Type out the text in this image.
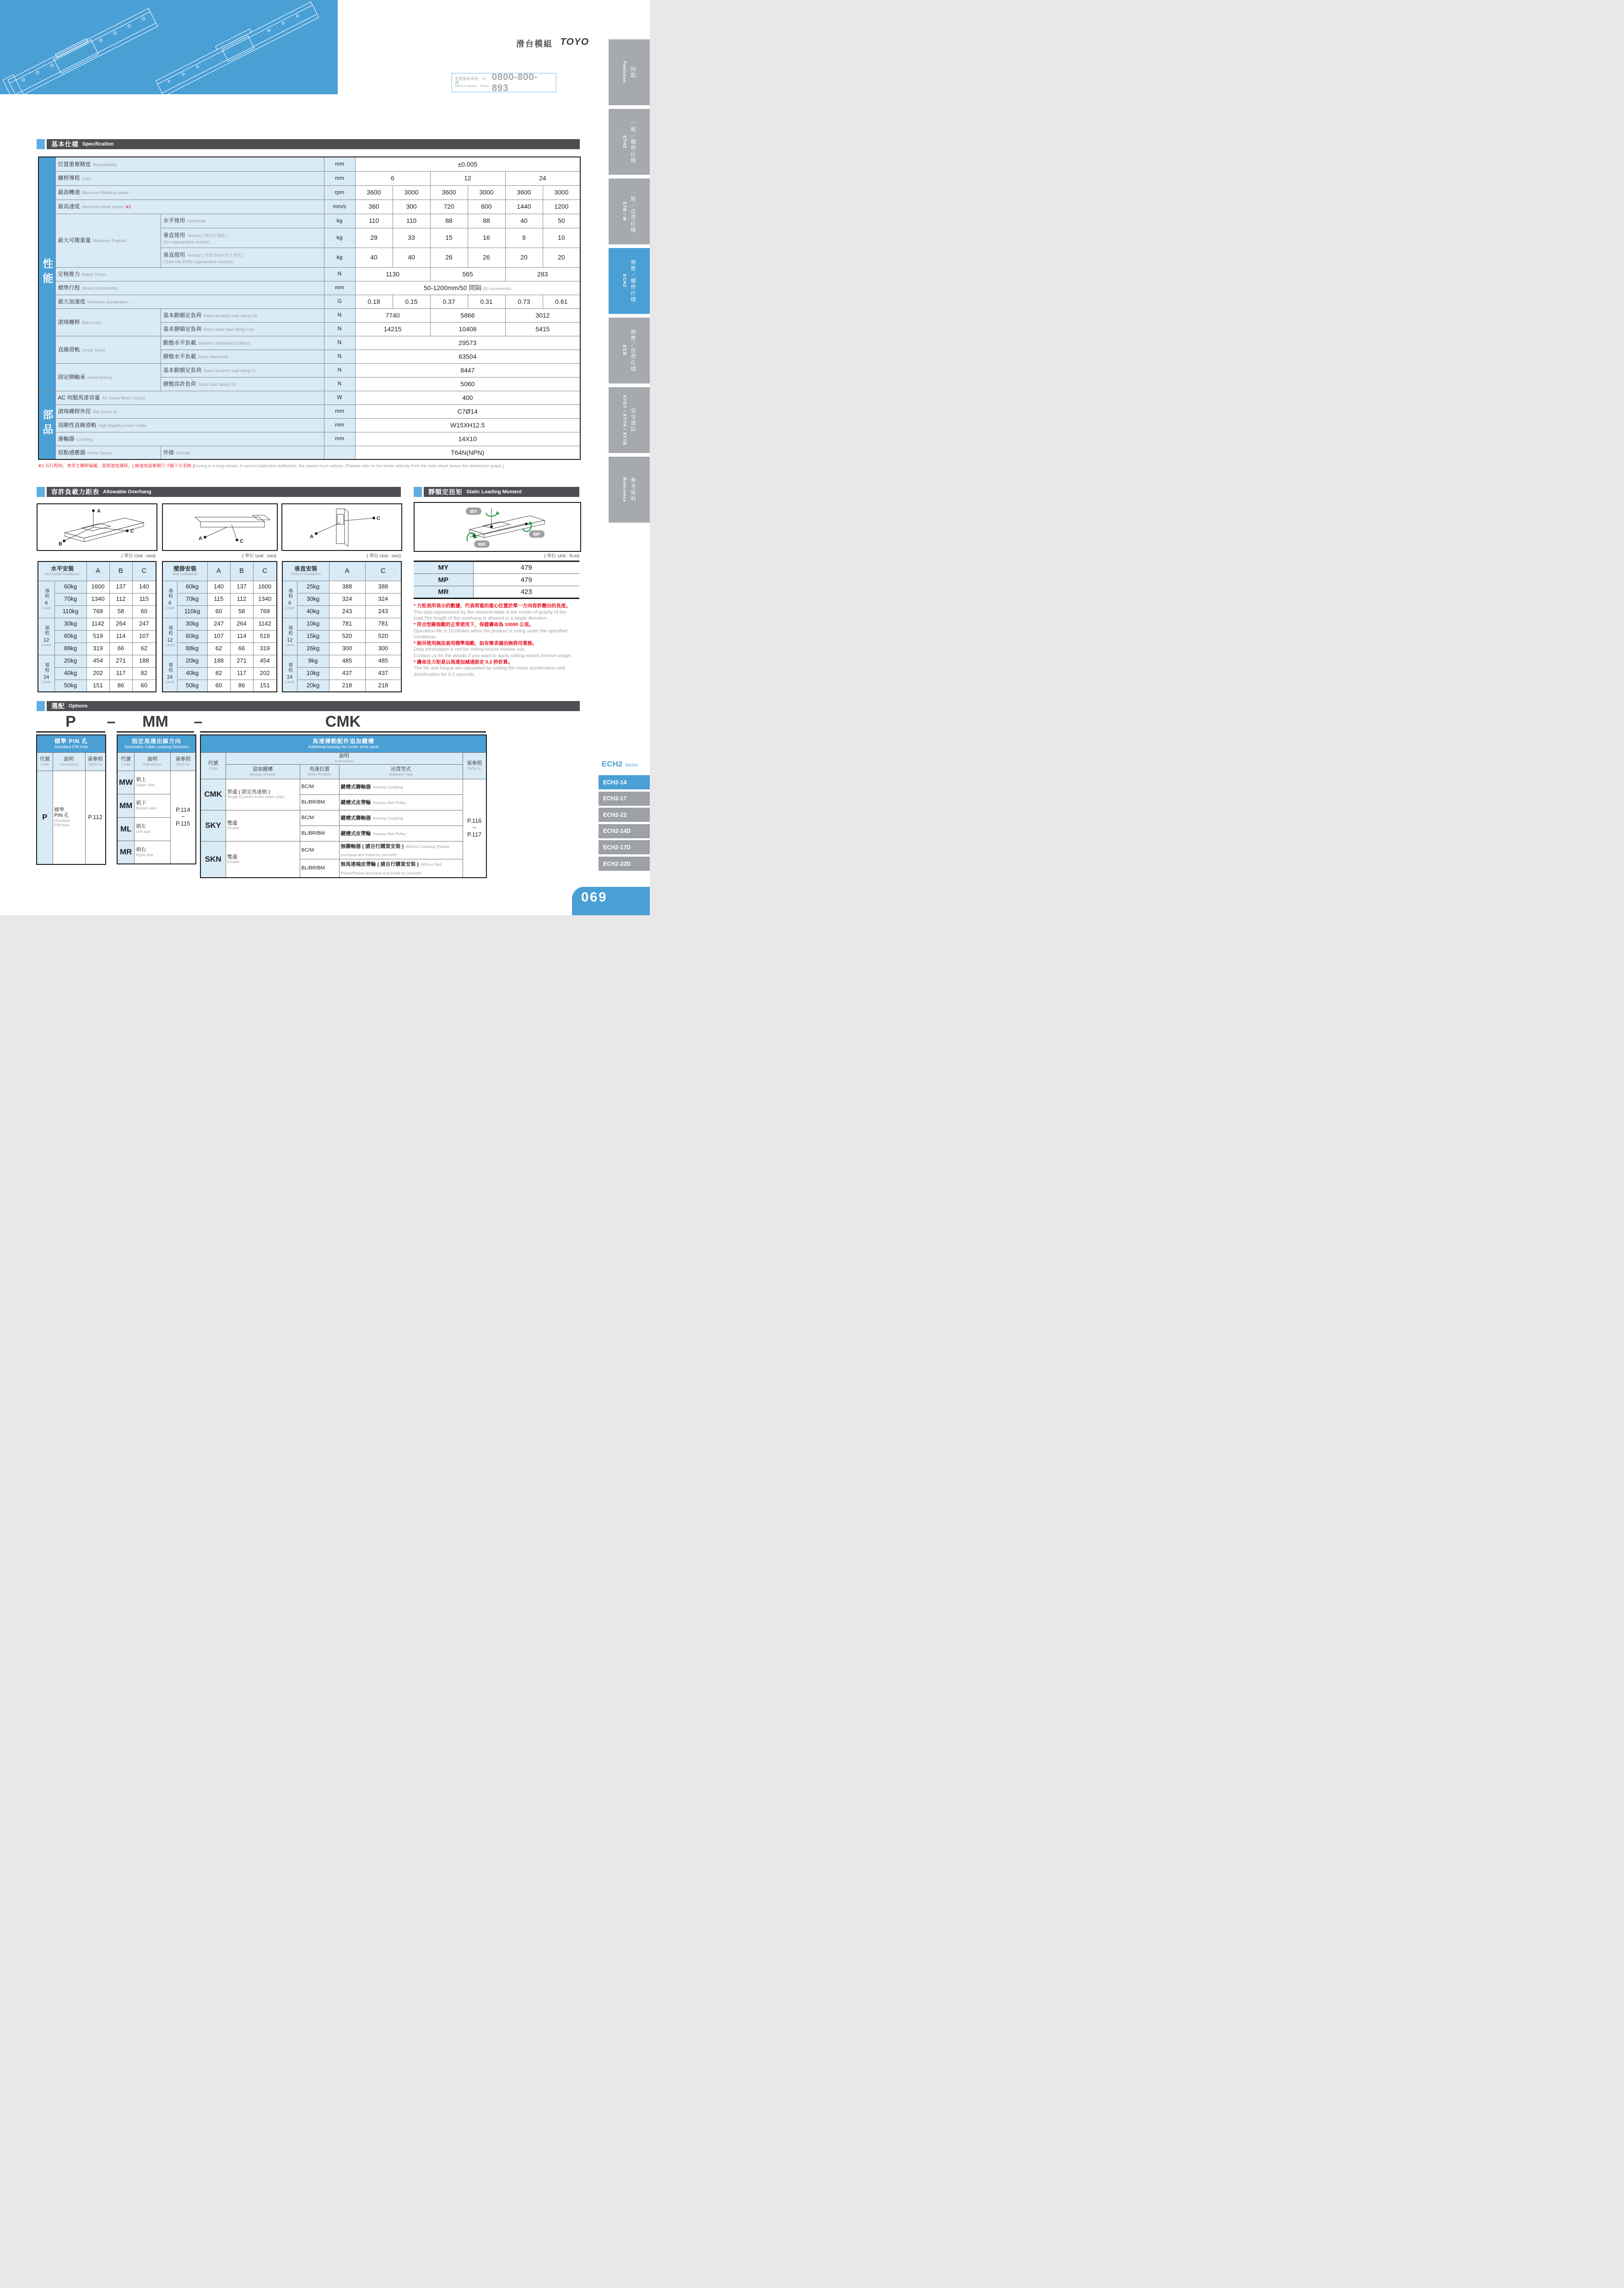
滑台模組 TOYO
免費服務專線：台灣
Toll-Free Number Taiwan
0800-800-893
特點
Features
一般／螺桿仕樣
ETH2
一般／皮帶仕樣
ETB / M
無塵／螺桿仕樣
ECH2
無塵／皮帶仕樣
ECB
直交連結
XYGT / XYTH / XYTB
參考資料
Reference
基本仕樣 Specification
性能	位置重複精度 Repeatability		mm	±0.005					

	螺桿導程 Lead		mm	6		12		24	

	最高轉速 Maximum Rotating speed		rpm	3600	3000	3600	3000	3600	3000

	最高速度 Maximum linear speed ※1		mm/s	360	300	720	600	1440	1200

	最大可搬重量 Maximum Payload	水平使用 Horizontal	kg	110	110	88	88	40	50

		垂直使用 Vertical ( 無回生電阻 )
(No regenerative resistor)	kg	29	33	15	16	9	10

		垂直使用 Vertical ( 外掛 200w 回生電阻 )
( External 200W regenerative resistor)	kg	40	40	26	26	20	20

	定格推力 Rated Thrust		N	1130		565		283	

	標準行程 Stroke (increments)		mm	50-1200mm/50 間隔 (50 increments)					

	最大加速度 Maximum acceleration		G	0.18	0.15	0.37	0.31	0.73	0.61

	滾珠螺桿 Ball screw	基本動額定負荷 Basic dynamic load rating Ca	N	7740		5866		3012	

		基本靜額定負荷 Basic static load rating Coa	N	14215		10408		5415	

	直線滑軌 Linear Guide	動態水平負載 Dynamic horizontal (100km)	N	29573					

		靜態水平負載 Static Horizontal	N	63504					

	固定側軸承 Fixed bearing	基本動額定負荷 Basic dynamic load rating Cr	N	8447					

		靜態容許負荷 Static load rating Cor	N	5060					
部品	AC 伺服馬達容量 AC Servo Motor Output		W	400					

	滾珠螺桿外徑 Ball Screw Ø		mm	C7Ø14					

	高剛性直線滑軌 High Rigidity Linear Guide		mm	W15XH12.5					

	連軸器 Coupling		mm	14X10					

	原點感應器 Home Sensor	外掛 Outside		T64N(NPN)					
※1 長行程時，會產生螺桿偏擺，需將速度調降。( 線速度請參閱尺寸圖下方表格 )During in a long stroke, it causes ballscrew deflection, the speed must reduce. (Please refer to the linear velocity from the data sheet below the dimension graph.)
容許負載力距表 Allowable Overhang
A
C
B
A	C
A
C
( 單位 Unit : mm)	( 單位 Unit : mm)	( 單位 Unit : mm)	( 單位 Unit : N.m)
水平安裝
Horizontal Installation		A	B	C
導程
6
Lead	60kg	1600	137	140
	70kg	1340	112	115
	110kg	769	58	60
導程
12
Lead	30kg	1142	264	247
	60kg	519	114	107
	88kg	319	66	62
導程
24
Lead	20kg	454	271	188
	40kg	202	117	82
	50kg	151	86	60
壁掛安裝
Wall Installation		A	B	C
導程
6
Lead	60kg	140	137	1600
	70kg	115	112	1340
	110kg	60	58	769
導程
12
Lead	30kg	247	264	1142
	60kg	107	114	519
	88kg	62	66	319
導程
24
Lead	20kg	188	271	454
	40kg	82	117	202
	50kg	60	86	151
垂直安裝
Vertical Installation		A	C
導程
6
Lead	25kg	388	388
	30kg	324	324
	40kg	243	243
導程
12
Lead	10kg	781	781
	15kg	520	520
	26kg	300	300
導程
24
Lead	9kg	485	485
	10kg	437	437
	20kg	218	218
靜額定扭矩 Static Loading Moment
MY
MP
MR
MY	479
MP	479
MR	423
* 力矩表所表示的數據，代表荷重的重心位置於單一方向容許懸出的長度。
The data represented by the moment table is the center of gravity of the load.The length of the overhang is allowed in a single direction.
* 符合型錄規範的正常使用下，保證壽命為 10000 公里。
Operation life is 10,000km when the product is using under the specified conditions.
* 倒吊使用無法套用標準規範，如有需求請洽詢我司業務。
Data information is not for ceiling-mount inverse use.
Contact us for the details if you want to apply ceiling-mount inverse usage.
* 壽命及力矩是以馬達加減速設定 0.2 秒計算。
The life and torque are calculated by setting the motor acceleration and deceleration for 0.2 seconds.
選配 Options
P	–	MM	–	CMK
標準 PIN 孔
Standard PIN hole		

代號
Code

說明
Instructions

需參照
Refer to

P	標準
PIN 孔
Standard
PIN hole	P.112
指定馬達出線方向
Selectable Cable Leading Direction		

代號
Code

說明
Instructions

需參照
Refer to

MW	朝上
Upper side

P.114
~
P.115

MM	朝下
Bottom side	

ML	朝左
Left side	

MR	朝右
Right side	
馬達傳動配件追加鍵槽
Additional keyway for motor drive parts				

代號
Code

說明
Instructions	需參照
Refer to

追加鍵槽
Keyway Groove

馬達位置
Motor Position

出貨型式
Shipment Type

CMK	單邊 ( 限定馬達側 )
Single (Limited to the motor side)
	BC/M	鍵槽式聯軸器 Keyway Coupling	
P.116
~
P.117

		BL/BR/BM	鍵槽式皮帶輪 Keyway Belt Pulley	
SKY	雙邊
Double	BC/M	鍵槽式聯軸器 Keyway Coupling	
		BL/BR/BM	鍵槽式皮帶輪 Keyway Belt Pulley	
SKN	雙邊
Double	BC/M	無聯軸器 ( 請自行購買安裝 ) Without Coupling (Please purchase and install by yourself)	
		BL/BR/BM	無馬達端皮帶輪 ( 請自行購買安裝 ) Without Belt Pulley(Please purchase and install by yourself)	
ECH2 Series
ECH2-14
ECH2-17
ECH2-22
ECH2-14D
ECH2-17D
ECH2-22D
069
